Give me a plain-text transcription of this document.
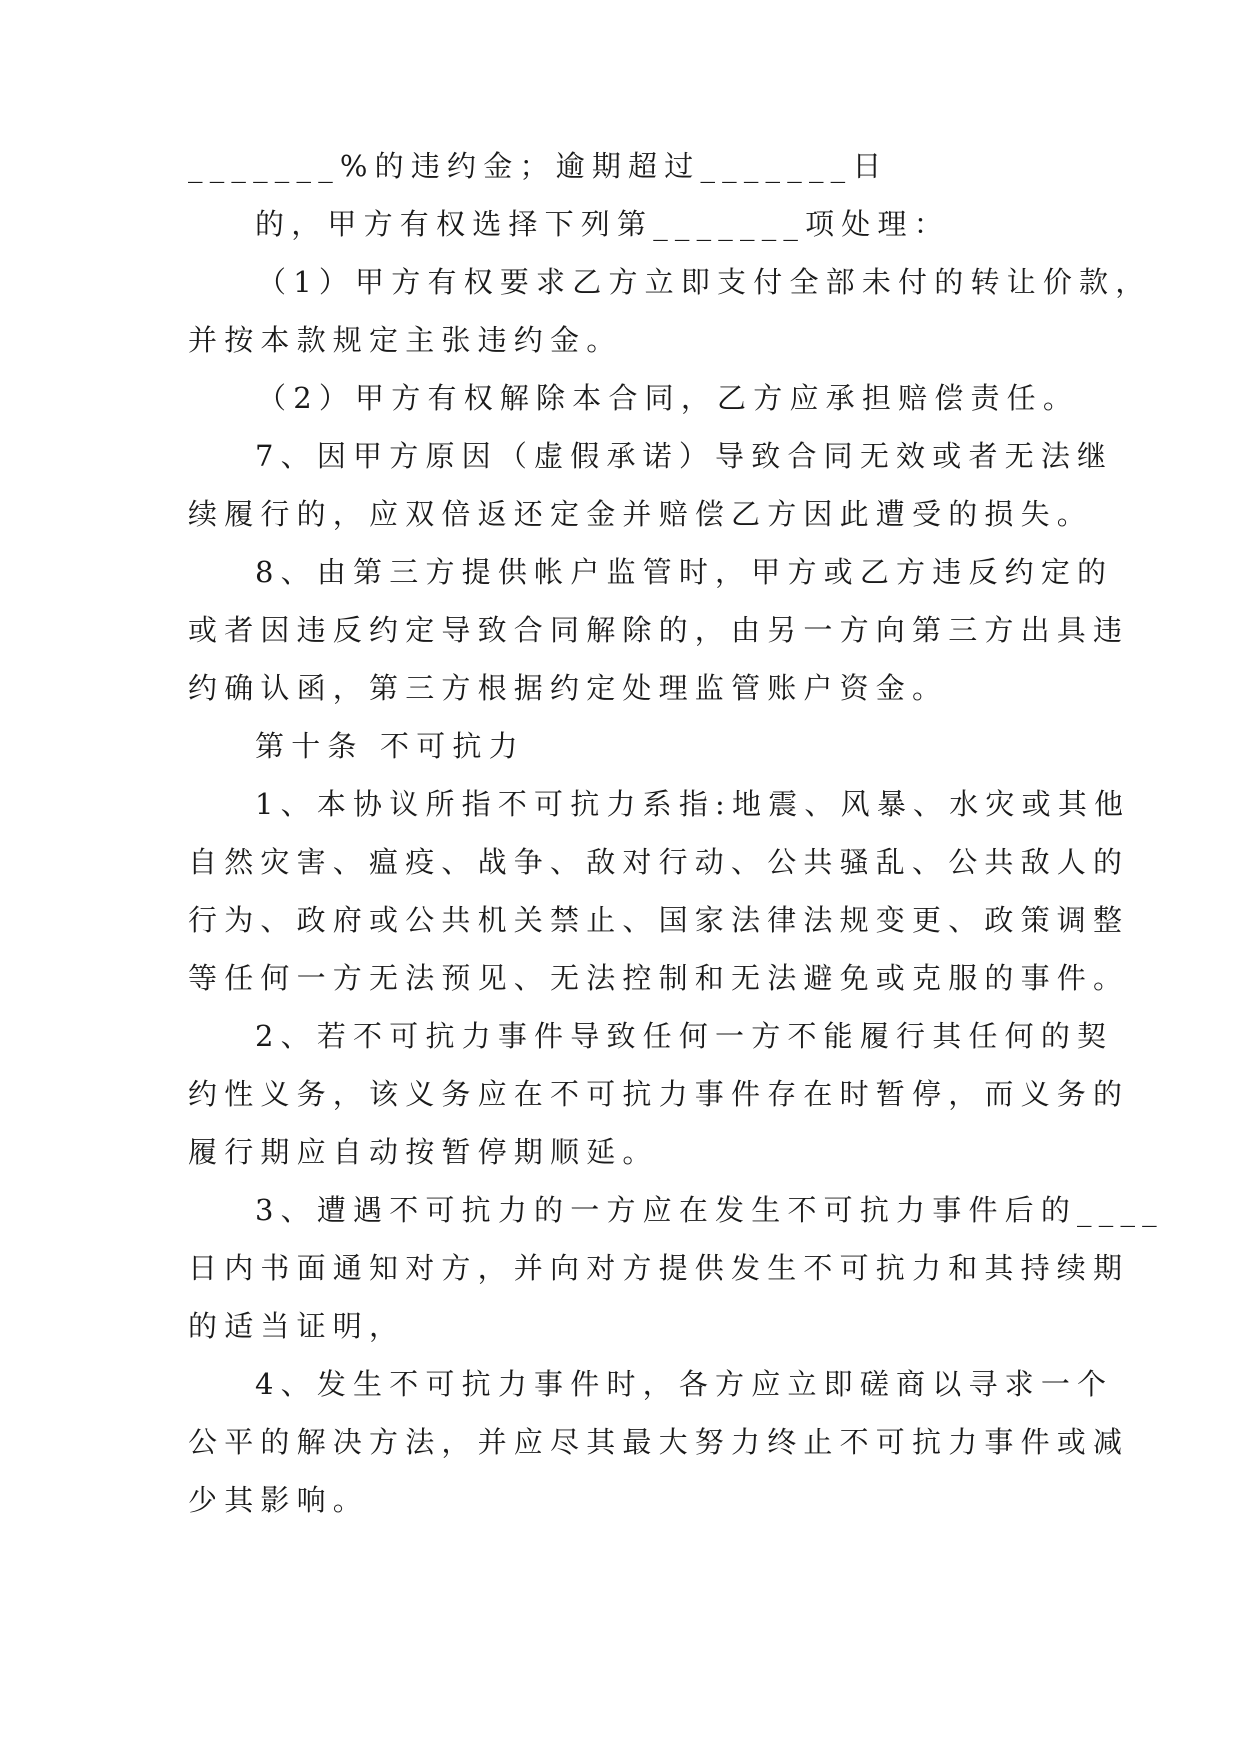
_______%的违约金；逾期超过_______日
的，甲方有权选择下列第_______项处理：
（1）甲方有权要求乙方立即支付全部未付的转让价款，
并按本款规定主张违约金。
（2）甲方有权解除本合同，乙方应承担赔偿责任。
7、因甲方原因（虚假承诺）导致合同无效或者无法继
续履行的，应双倍返还定金并赔偿乙方因此遭受的损失。
8、由第三方提供帐户监管时，甲方或乙方违反约定的
或者因违反约定导致合同解除的，由另一方向第三方出具违
约确认函，第三方根据约定处理监管账户资金。
第十条 不可抗力
1、本协议所指不可抗力系指:地震、风暴、水灾或其他
自然灾害、瘟疫、战争、敌对行动、公共骚乱、公共敌人的
行为、政府或公共机关禁止、国家法律法规变更、政策调整
等任何一方无法预见、无法控制和无法避免或克服的事件。
2、若不可抗力事件导致任何一方不能履行其任何的契
约性义务，该义务应在不可抗力事件存在时暂停，而义务的
履行期应自动按暂停期顺延。
3、遭遇不可抗力的一方应在发生不可抗力事件后的____
日内书面通知对方，并向对方提供发生不可抗力和其持续期
的适当证明，
4、发生不可抗力事件时，各方应立即磋商以寻求一个
公平的解决方法，并应尽其最大努力终止不可抗力事件或减
少其影响。
